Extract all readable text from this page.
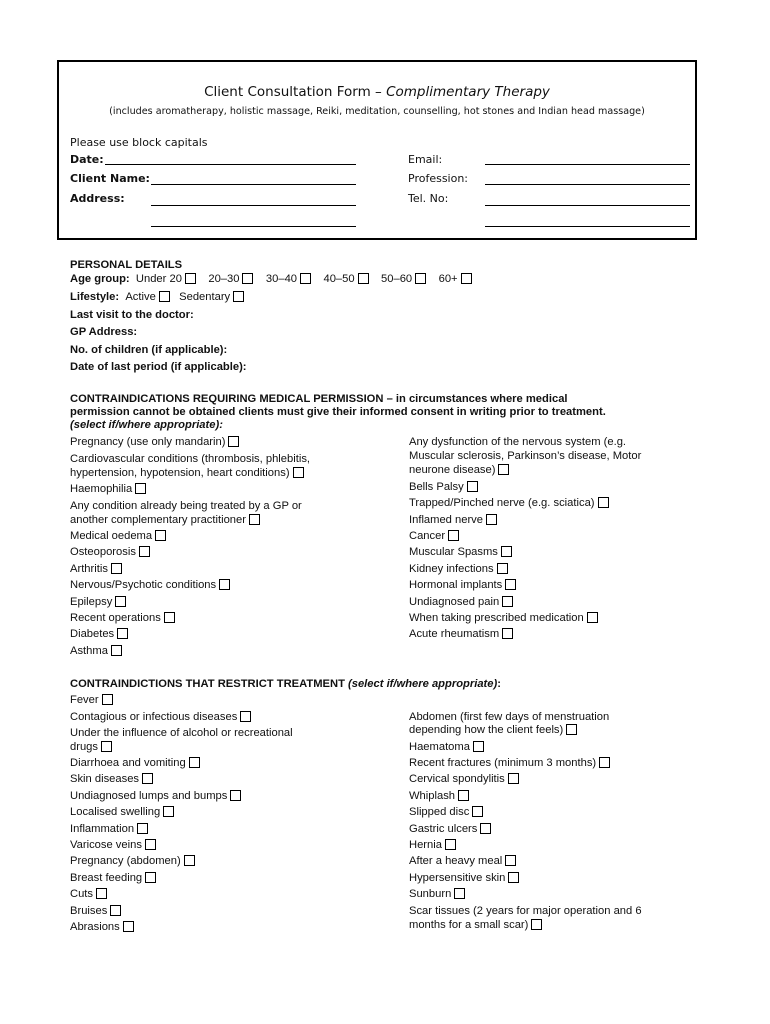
Client Consultation Form – Complimentary Therapy
(includes aromatherapy, holistic massage, Reiki, meditation, counselling, hot stones and Indian head massage)
Please use block capitals
Date:
Client Name:
Address:
Email:
Profession:
Tel. No:
PERSONAL DETAILS
Age group: Under 20 20–30 30–40 40–50 50–60 60+
Lifestyle: Active Sedentary
Last visit to the doctor:
GP Address:
No. of children (if applicable):
Date of last period (if applicable):
CONTRAINDICATIONS REQUIRING MEDICAL PERMISSION – in circumstances where medical
permission cannot be obtained clients must give their informed consent in writing prior to treatment.
(select if/where appropriate):
Pregnancy (use only mandarin)
Cardiovascular conditions (thrombosis, phlebitis,
hypertension, hypotension, heart conditions)
Haemophilia
Any condition already being treated by a GP or
another complementary practitioner
Medical oedema
Osteoporosis
Arthritis
Nervous/Psychotic conditions
Epilepsy
Recent operations
Diabetes
Asthma
Any dysfunction of the nervous system (e.g.
Muscular sclerosis, Parkinson’s disease, Motor
neurone disease)
Bells Palsy
Trapped/Pinched nerve (e.g. sciatica)
Inflamed nerve
Cancer
Muscular Spasms
Kidney infections
Hormonal implants
Undiagnosed pain
When taking prescribed medication
Acute rheumatism
CONTRAINDICTIONS THAT RESTRICT TREATMENT (select if/where appropriate):
Fever
Contagious or infectious diseases
Under the influence of alcohol or recreational
drugs
Diarrhoea and vomiting
Skin diseases
Undiagnosed lumps and bumps
Localised swelling
Inflammation
Varicose veins
Pregnancy (abdomen)
Breast feeding
Cuts
Bruises
Abrasions
Abdomen (first few days of menstruation
depending how the client feels)
Haematoma
Recent fractures (minimum 3 months)
Cervical spondylitis
Whiplash
Slipped disc
Gastric ulcers
Hernia
After a heavy meal
Hypersensitive skin
Sunburn
Scar tissues (2 years for major operation and 6
months for a small scar)
